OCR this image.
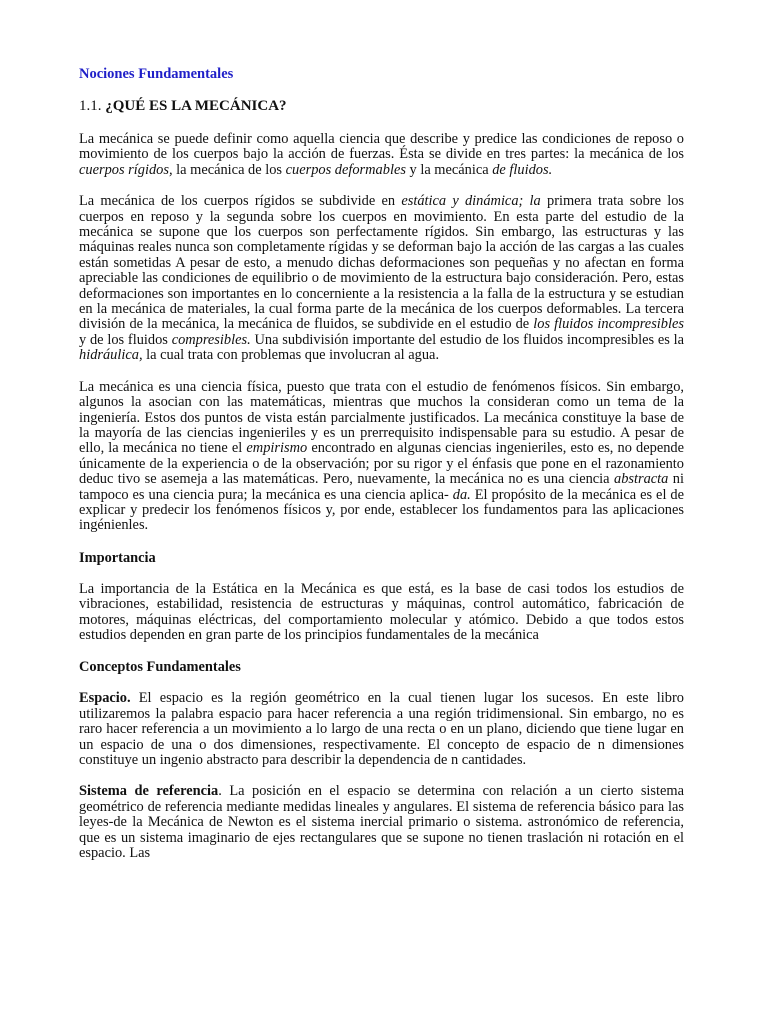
Nociones Fundamentales
1.1. ¿QUÉ ES LA MECÁNICA?

La mecánica se puede definir como aquella ciencia que describe y predice las condiciones de reposo o movimiento de los cuerpos bajo la acción de fuerzas. Ésta se divide en tres partes: la mecánica de los cuerpos rígidos, la mecánica de los cuerpos deformables y la mecánica de fluidos.

La mecánica de los cuerpos rígidos se subdivide en estática y dinámica; la primera trata sobre los cuerpos en reposo y la segunda sobre los cuerpos en movimiento. En esta parte del estudio de la mecánica se supone que los cuerpos son perfectamente rígidos. Sin embargo, las estructuras y las máquinas reales nunca son completamente rígidas y se deforman bajo la acción de las cargas a las cuales están sometidas A pesar de esto, a menudo dichas deformaciones son pequeñas y no afectan en forma apreciable las condiciones de equilibrio o de movimiento de la estructura bajo consideración. Pero, estas deformaciones son importantes en lo concerniente a la resistencia a la falla de la estructura y se estudian en la mecánica de materiales, la cual forma parte de la mecánica de los cuerpos deformables. La tercera división de la mecánica, la mecánica de fluidos, se subdivide en el estudio de los fluidos incompresibles y de los fluidos compresibles. Una subdivisión importante del estudio de los fluidos incompresibles es la hidráulica, la cual trata con problemas que involucran al agua.

La mecánica es una ciencia física, puesto que trata con el estudio de fenómenos físicos. Sin embargo, algunos la asocian con las matemáticas, mientras que muchos la consideran como un tema de la ingeniería. Estos dos puntos de vista están parcialmente justificados. La mecánica constituye la base de la mayoría de las ciencias ingenieriles y es un prerrequisito indispensable para su estudio. A pesar de ello, la mecánica no tiene el empirismo encontrado en algunas ciencias ingenieriles, esto es, no depende únicamente de la experiencia o de la observación; por su rigor y el énfasis que pone en el razonamiento deduc tivo se asemeja a las matemáticas. Pero, nuevamente, la mecánica no es una ciencia abstracta ni tampoco es una ciencia pura; la mecánica es una ciencia aplica- da. El propósito de la mecánica es el de explicar y predecir los fenómenos físicos y, por ende, establecer los fundamentos para las aplicaciones ingénienles.

Importancia

La importancia de la Estática en la Mecánica es que está, es la base de casi todos los estudios de vibraciones, estabilidad, resistencia de estructuras y máquinas, control automático, fabricación de motores, máquinas eléctricas, del comportamiento molecular y atómico. Debido a que todos estos estudios dependen en gran parte de los principios fundamentales de la mecánica

Conceptos Fundamentales

Espacio. El espacio es la región geométrico en la cual tienen lugar los sucesos. En este libro utilizaremos la palabra espacio para hacer referencia a una región tridimensional. Sin embargo, no es raro hacer referencia a un movimiento a lo largo de una recta o en un plano, diciendo que tiene lugar en un espacio de una o dos dimensiones, respectivamente. El concepto de espacio de n dimensiones constituye un ingenio abstracto para describir la dependencia de n cantidades.

Sistema de referencia. La posición en el espacio se determina con relación a un cierto sistema geométrico de referencia mediante medidas lineales y angulares. El sistema de referencia básico para las leyes-de la Mecánica de Newton es el sistema inercial primario o sistema. astronómico de referencia, que es un sistema imaginario de ejes rectangulares que se supone no tienen traslación ni rotación en el espacio. Las
